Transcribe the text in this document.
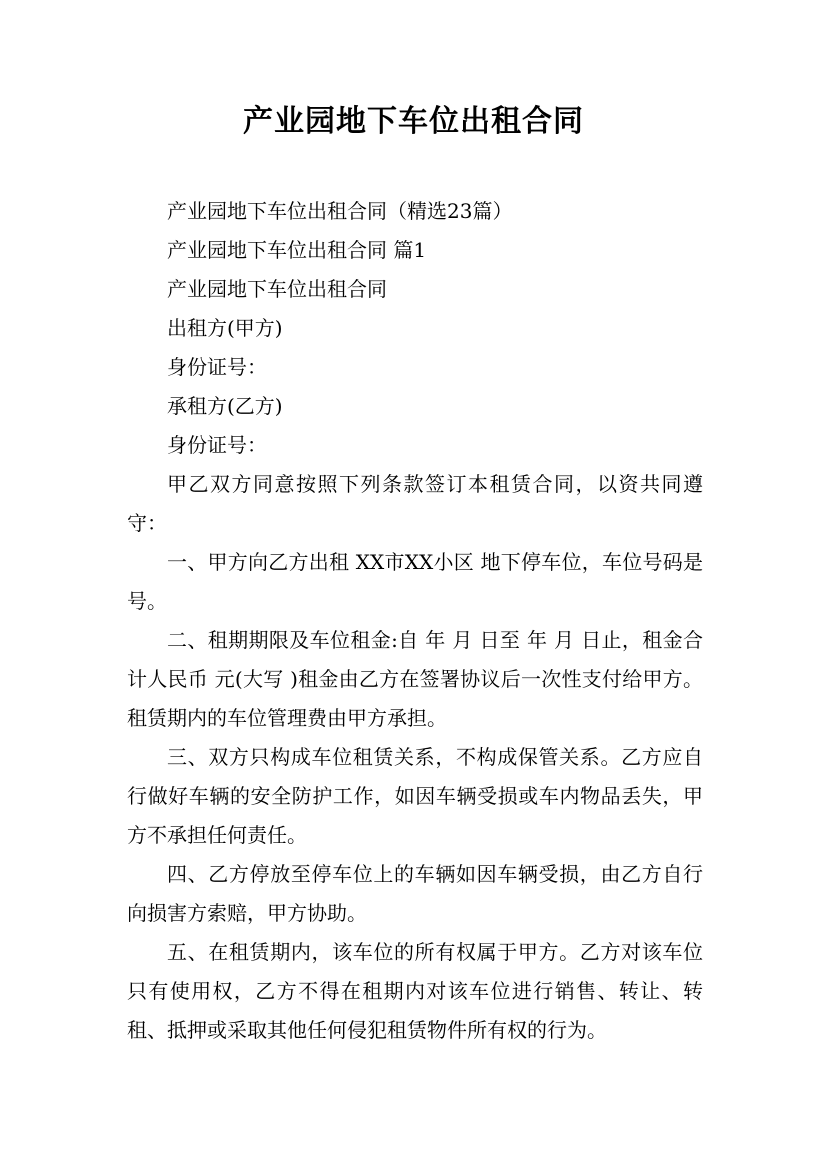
产业园地下车位出租合同

产业园地下车位出租合同（精选23篇）

产业园地下车位出租合同 篇1

产业园地下车位出租合同

出租方(甲方)

身份证号：

承租方(乙方)

身份证号：

甲乙双方同意按照下列条款签订本租赁合同，以资共同遵守：

一、甲方向乙方出租 XX市XX小区 地下停车位，车位号码是 号。

二、租期期限及车位租金:自 年 月 日至 年 月 日止，租金合计人民币 元(大写 )租金由乙方在签署协议后一次性支付给甲方。租赁期内的车位管理费由甲方承担。

三、双方只构成车位租赁关系，不构成保管关系。乙方应自行做好车辆的安全防护工作，如因车辆受损或车内物品丢失，甲方不承担任何责任。

四、乙方停放至停车位上的车辆如因车辆受损，由乙方自行向损害方索赔，甲方协助。

五、在租赁期内，该车位的所有权属于甲方。乙方对该车位只有使用权，乙方不得在租期内对该车位进行销售、转让、转租、抵押或采取其他任何侵犯租赁物件所有权的行为。
